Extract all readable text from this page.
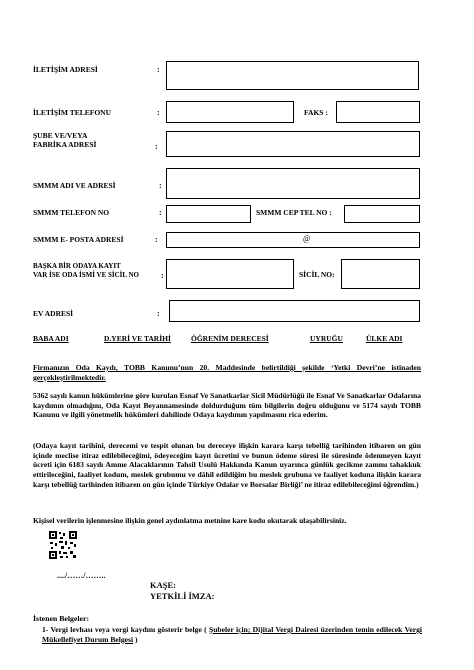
İLETİŞİM ADRESİ	:
İLETİŞİM TELEFONU	:	FAKS :
ŞUBE VE/VEYA
FABRİKA ADRESİ	:
SMMM ADI VE ADRESİ	:
SMMM TELEFON NO	:	SMMM CEP TEL NO :
SMMM E- POSTA ADRESİ	:	@
BAŞKA BİR ODAYA KAYIT
VAR İSE ODA İSMİ VE SİCİL NO	:	SİCİL NO:
EV ADRESİ	:
BABA ADI	D.YERİ VE TARİHİ	ÖĞRENİM DERECESİ	UYRUĞU	ÜLKE ADI
Firmanızın Oda Kaydı, TOBB Kanunu’nun 20. Maddesinde belirtildiği şekilde ‘Yetki Devri’ne istinaden gerçekleştirilmektedir.
5362 sayılı kanun hükümlerine göre kurulan Esnaf Ve Sanatkarlar Sicil Müdürlüğü ile Esnaf Ve Sanatkarlar Odalarına kaydımın olmadığını, Oda Kayıt Beyannamesinde doldurduğum tüm bilgilerin doğru olduğunu ve 5174 sayılı TOBB Kanunu ve ilgili yönetmelik hükümleri dahilinde Odaya kaydımın yapılmasını rica ederim.
(Odaya kayıt tarihini, derecemi ve tespit olunan bu dereceye ilişkin karara karşı tebelliğ tarihinden itibaren on gün içinde meclise itiraz edilebileceğimi, ödeyeceğim kayıt ücretini ve bunun ödeme süresi ile süresinde ödenmeyen kayıt ücreti için 6183 sayılı Amme Alacaklarının Tahsil Usulü Hakkında Kanun uyarınca günlük gecikme zammı tahakkuk ettirileceğini, faaliyet kodum, meslek grubumu ve dâhil edildiğim bu meslek grubuna ve faaliyet koduna ilişkin karara karşı tebellüğ tarihinden itibaren on gün içinde Türkiye Odalar ve Borsalar Birliği’ ne itiraz edilebileceğimi öğrendim.)
Kişisel verilerin işlenmesine ilişkin genel aydınlatma metnine kare kodu okutarak ulaşabilirsiniz.
..../……/……..
KAŞE:
YETKİLİ İMZA:
İstenen Belgeler:
1- Vergi levhası veya vergi kaydını gösterir belge ( Şubeler için; Dijital Vergi Dairesi üzerinden temin edilecek Vergi Mükellefiyet Durum Belgesi )
